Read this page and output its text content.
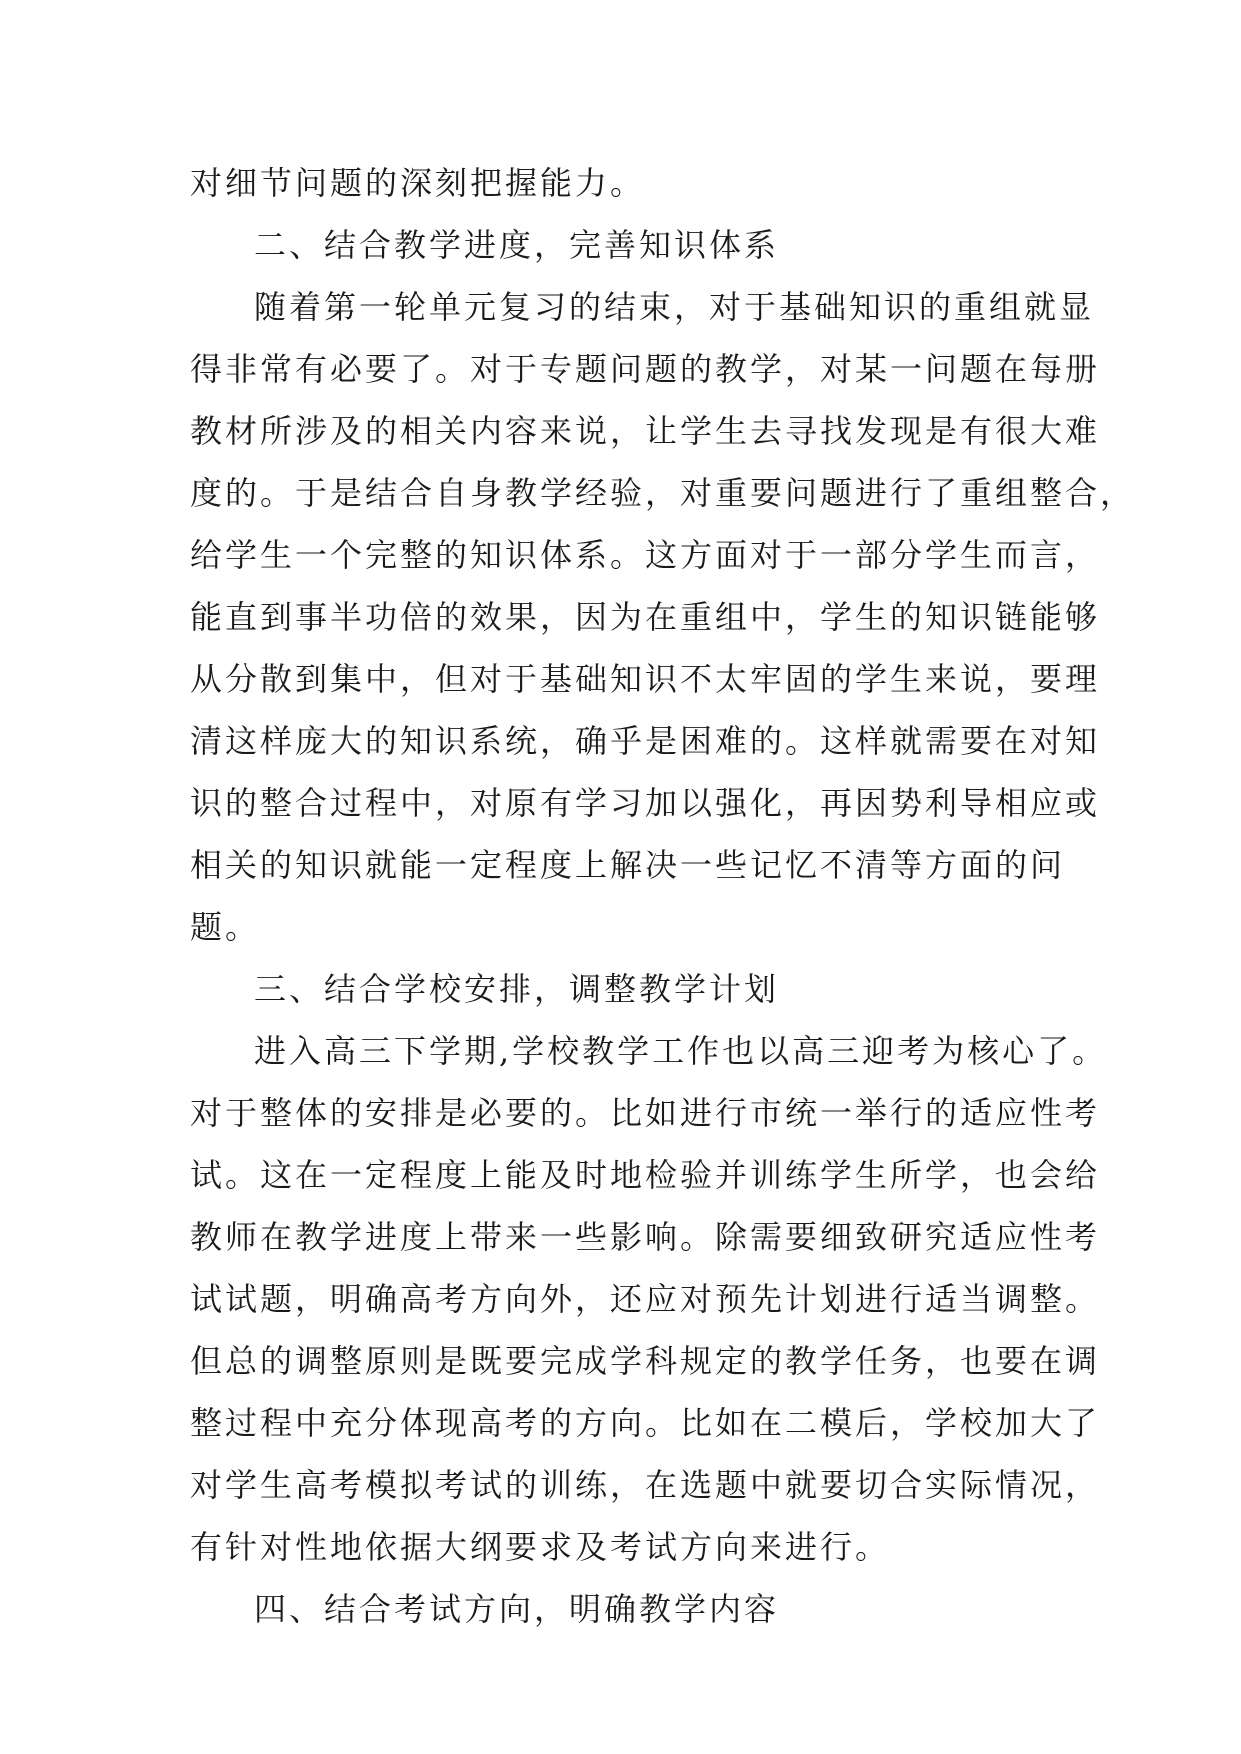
对细节问题的深刻把握能力。
二、结合教学进度，完善知识体系
随着第一轮单元复习的结束，对于基础知识的重组就显
得非常有必要了。对于专题问题的教学，对某一问题在每册
教材所涉及的相关内容来说，让学生去寻找发现是有很大难
度的。于是结合自身教学经验，对重要问题进行了重组整合，
给学生一个完整的知识体系。这方面对于一部分学生而言，
能直到事半功倍的效果，因为在重组中，学生的知识链能够
从分散到集中，但对于基础知识不太牢固的学生来说，要理
清这样庞大的知识系统，确乎是困难的。这样就需要在对知
识的整合过程中，对原有学习加以强化，再因势利导相应或
相关的知识就能一定程度上解决一些记忆不清等方面的问
题。
三、结合学校安排，调整教学计划
进入高三下学期,学校教学工作也以高三迎考为核心了。
对于整体的安排是必要的。比如进行市统一举行的适应性考
试。这在一定程度上能及时地检验并训练学生所学，也会给
教师在教学进度上带来一些影响。除需要细致研究适应性考
试试题，明确高考方向外，还应对预先计划进行适当调整。
但总的调整原则是既要完成学科规定的教学任务，也要在调
整过程中充分体现高考的方向。比如在二模后，学校加大了
对学生高考模拟考试的训练，在选题中就要切合实际情况，
有针对性地依据大纲要求及考试方向来进行。
四、结合考试方向，明确教学内容
